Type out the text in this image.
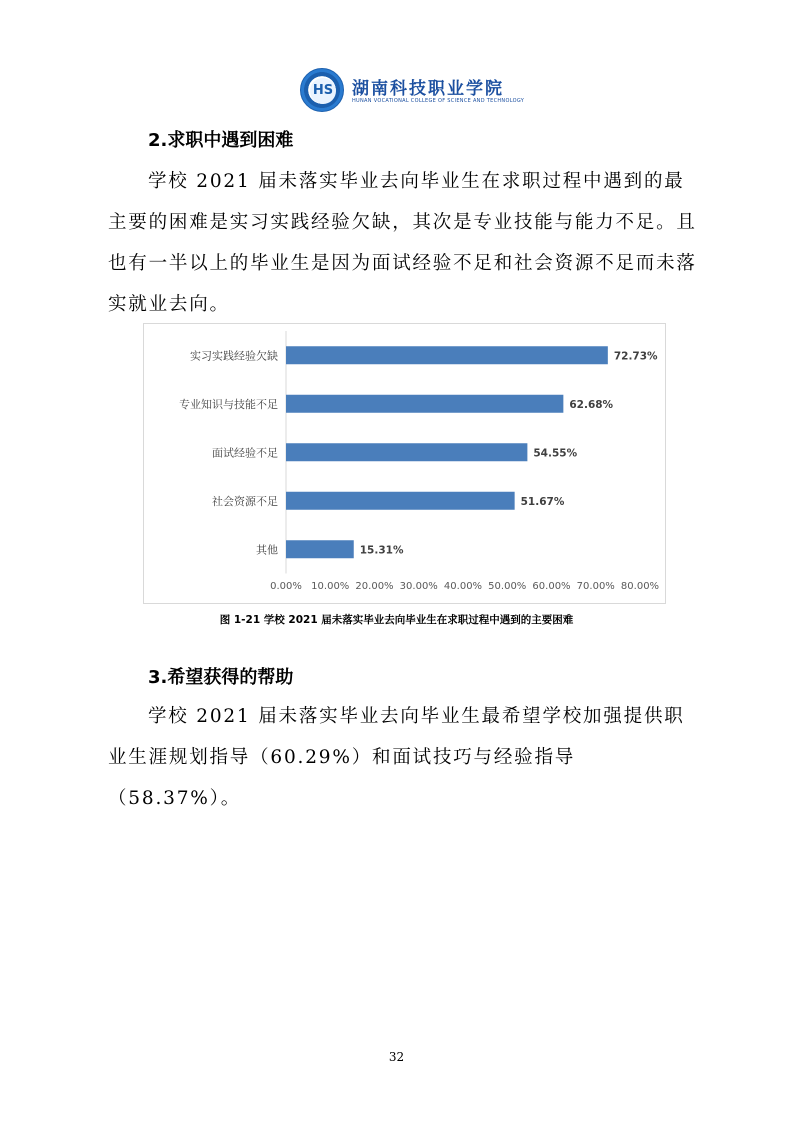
HS 湖南科技职业学院
HUNAN VOCATIONAL COLLEGE OF SCIENCE AND TECHNOLOGY
2.求职中遇到困难

学校 2021 届未落实毕业去向毕业生在求职过程中遇到的最主要的困难是实习实践经验欠缺，其次是专业技能与能力不足。且也有一半以上的毕业生是因为面试经验不足和社会资源不足而未落实就业去向。

实习实践经验欠缺	72.73%
专业知识与技能不足	62.68%
面试经验不足	54.55%
社会资源不足	51.67%
其他	15.31%
0.00% 10.00% 20.00% 30.00% 40.00% 50.00% 60.00% 70.00% 80.00%
图 1-21 学校 2021 届未落实毕业去向毕业生在求职过程中遇到的主要困难
3.希望获得的帮助

学校 2021 届未落实毕业去向毕业生最希望学校加强提供职业生涯规划指导（60.29%）和面试技巧与经验指导（58.37%）。

32
